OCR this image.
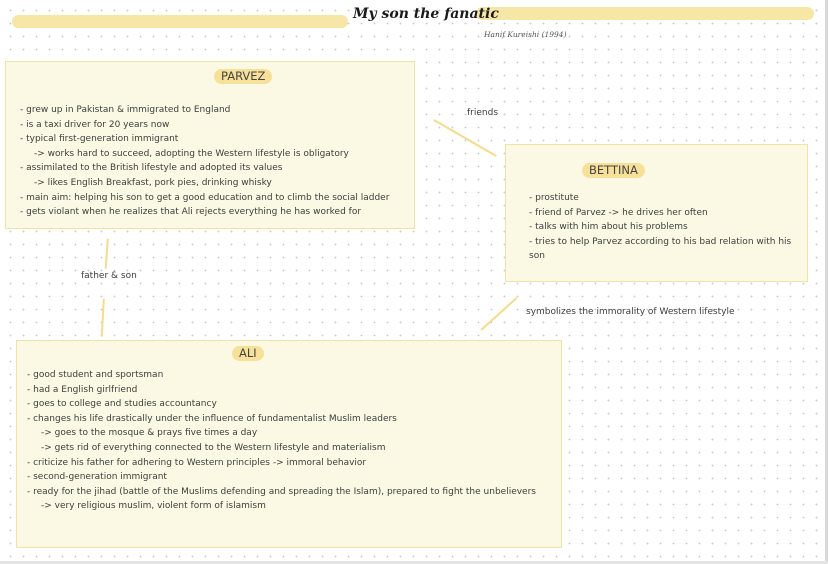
My son the fanatic
Hanif Kureishi (1994)
friends
father & son
symbolizes the immorality of Western lifestyle
PARVEZ
- grew up in Pakistan & immigrated to England
- is a taxi driver for 20 years now
- typical first-generation immigrant
-> works hard to succeed, adopting the Western lifestyle is obligatory
- assimilated to the British lifestyle and adopted its values
-> likes English Breakfast, pork pies, drinking whisky
- main aim: helping his son to get a good education and to climb the social ladder
- gets violant when he realizes that Ali rejects everything he has worked for
BETTINA
- prostitute
- friend of Parvez -> he drives her often
- talks with him about his problems
- tries to help Parvez according to his bad relation with his
son
ALI
- good student and sportsman
- had a English girlfriend
- goes to college and studies accountancy
- changes his life drastically under the influence of fundamentalist Muslim leaders
-> goes to the mosque & prays five times a day
-> gets rid of everything connected to the Western lifestyle and materialism
- criticize his father for adhering to Western principles -> immoral behavior
- second-generation immigrant
- ready for the jihad (battle of the Muslims defending and spreading the Islam), prepared to fight the unbelievers
-> very religious muslim, violent form of islamism
